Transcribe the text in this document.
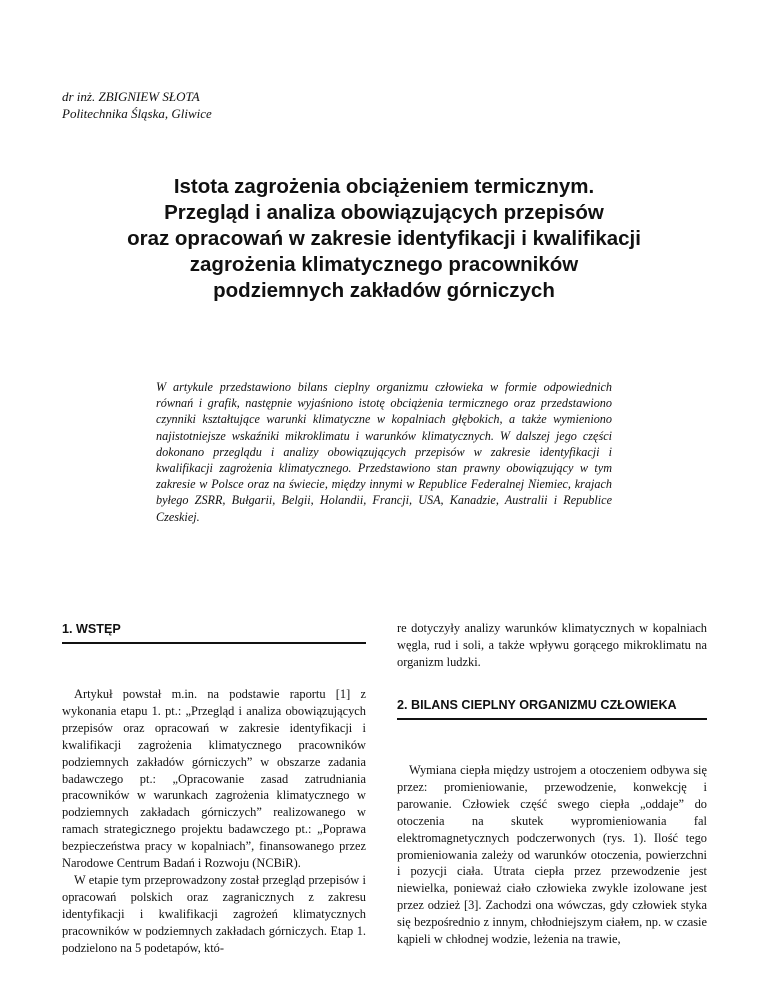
dr inż. ZBIGNIEW SŁOTA
Politechnika Śląska, Gliwice
Istota zagrożenia obciążeniem termicznym.
Przegląd i analiza obowiązujących przepisów
oraz opracowań w zakresie identyfikacji i kwalifikacji
zagrożenia klimatycznego pracowników
podziemnych zakładów górniczych
W artykule przedstawiono bilans cieplny organizmu człowieka w formie odpowiednich równań i grafik, następnie wyjaśniono istotę obciążenia termicznego oraz przedstawiono czynniki kształtujące warunki klimatyczne w kopalniach głębokich, a także wymieniono najistotniejsze wskaźniki mikroklimatu i warunków klimatycznych. W dalszej jego części dokonano przeglądu i analizy obowiązujących przepisów w zakresie identyfikacji i kwalifikacji zagrożenia klimatycznego. Przedstawiono stan prawny obowiązujący w tym zakresie w Polsce oraz na świecie, między innymi w Republice Federalnej Niemiec, krajach byłego ZSRR, Bułgarii, Belgii, Holandii, Francji, USA, Kanadzie, Australii i Republice Czeskiej.
1. WSTĘP

Artykuł powstał m.in. na podstawie raportu [1] z wykonania etapu 1. pt.: „Przegląd i analiza obowiązujących przepisów oraz opracowań w zakresie identyfikacji i kwalifikacji zagrożenia klimatycznego pracowników podziemnych zakładów górniczych” w obszarze zadania badawczego pt.: „Opracowanie zasad zatrudniania pracowników w warunkach zagrożenia klimatycznego w podziemnych zakładach górniczych” realizowanego w ramach strategicznego projektu badawczego pt.: „Poprawa bezpieczeństwa pracy w kopalniach”, finansowanego przez Narodowe Centrum Badań i Rozwoju (NCBiR).

W etapie tym przeprowadzony został przegląd przepisów i opracowań polskich oraz zagranicznych z zakresu identyfikacji i kwalifikacji zagrożeń klimatycznych pracowników w podziemnych zakładach górniczych. Etap 1. podzielono na 5 podetapów, któ-

re dotyczyły analizy warunków klimatycznych w kopalniach węgla, rud i soli, a także wpływu gorącego mikroklimatu na organizm ludzki.

2. BILANS CIEPLNY ORGANIZMU CZŁOWIEKA

Wymiana ciepła między ustrojem a otoczeniem odbywa się przez: promieniowanie, przewodzenie, konwekcję i parowanie. Człowiek część swego ciepła „oddaje” do otoczenia na skutek wypromieniowania fal elektromagnetycznych podczerwonych (rys. 1). Ilość tego promieniowania zależy od warunków otoczenia, powierzchni i pozycji ciała. Utrata ciepła przez przewodzenie jest niewielka, ponieważ ciało człowieka zwykle izolowane jest przez odzież [3]. Zachodzi ona wówczas, gdy człowiek styka się bezpośrednio z innym, chłodniejszym ciałem, np. w czasie kąpieli w chłodnej wodzie, leżenia na trawie,
